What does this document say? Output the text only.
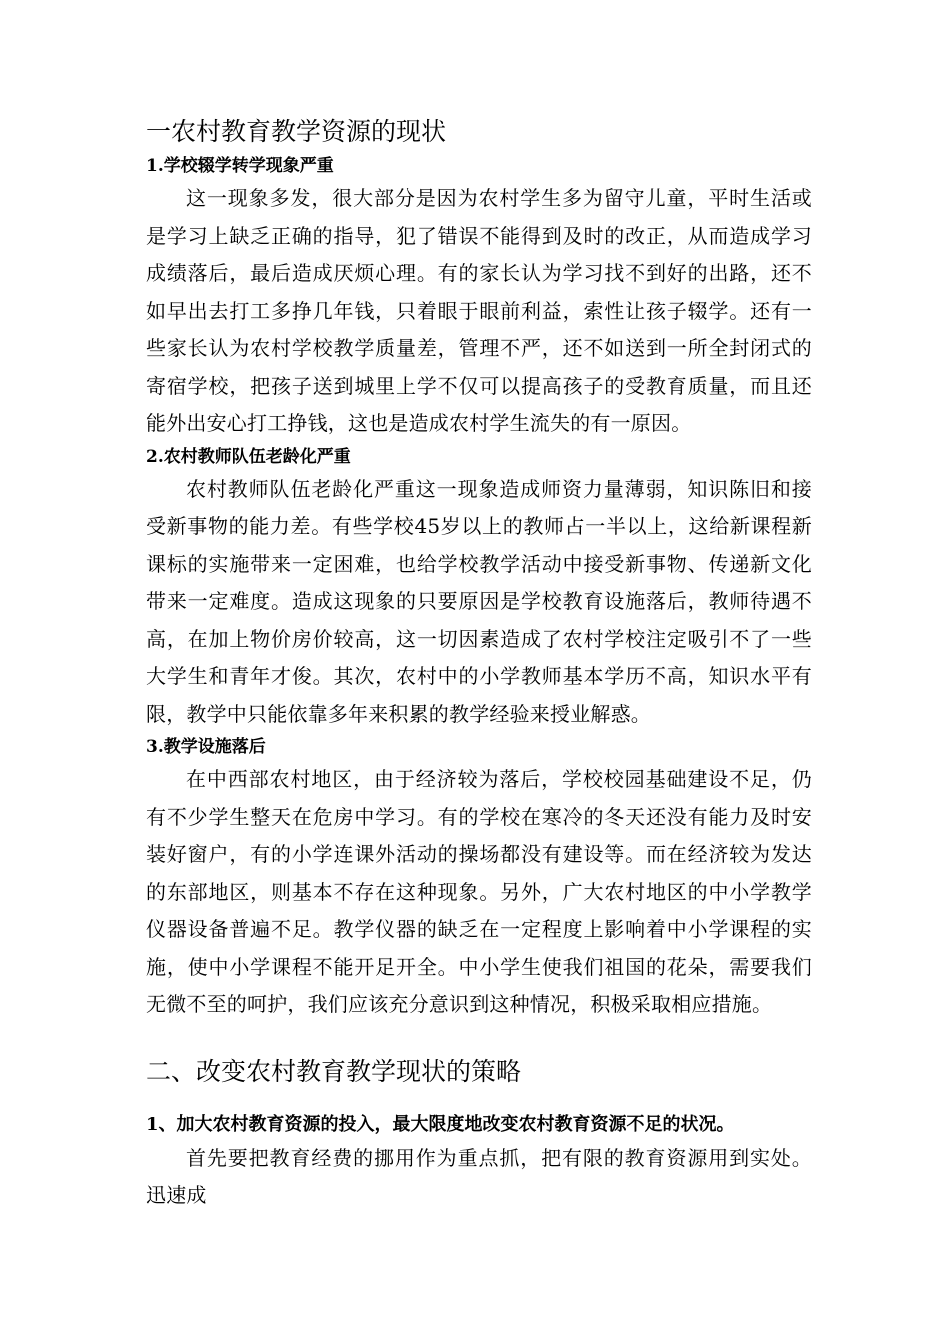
一农村教育教学资源的现状
1.学校辍学转学现象严重

这一现象多发，很大部分是因为农村学生多为留守儿童，平时生活或是学习上缺乏正确的指导，犯了错误不能得到及时的改正，从而造成学习成绩落后，最后造成厌烦心理。有的家长认为学习找不到好的出路，还不如早出去打工多挣几年钱，只着眼于眼前利益，索性让孩子辍学。还有一些家长认为农村学校教学质量差，管理不严，还不如送到一所全封闭式的寄宿学校，把孩子送到城里上学不仅可以提高孩子的受教育质量，而且还能外出安心打工挣钱，这也是造成农村学生流失的有一原因。

2.农村教师队伍老龄化严重

农村教师队伍老龄化严重这一现象造成师资力量薄弱，知识陈旧和接受新事物的能力差。有些学校45岁以上的教师占一半以上，这给新课程新课标的实施带来一定困难，也给学校教学活动中接受新事物、传递新文化带来一定难度。造成这现象的只要原因是学校教育设施落后，教师待遇不高，在加上物价房价较高，这一切因素造成了农村学校注定吸引不了一些大学生和青年才俊。其次，农村中的小学教师基本学历不高，知识水平有限，教学中只能依靠多年来积累的教学经验来授业解惑。

3.教学设施落后

在中西部农村地区，由于经济较为落后，学校校园基础建设不足，仍有不少学生整天在危房中学习。有的学校在寒冷的冬天还没有能力及时安装好窗户，有的小学连课外活动的操场都没有建设等。而在经济较为发达的东部地区，则基本不存在这种现象。另外，广大农村地区的中小学教学仪器设备普遍不足。教学仪器的缺乏在一定程度上影响着中小学课程的实施，使中小学课程不能开足开全。中小学生使我们祖国的花朵，需要我们无微不至的呵护，我们应该充分意识到这种情况，积极采取相应措施。

二、改变农村教育教学现状的策略
1、加大农村教育资源的投入，最大限度地改变农村教育资源不足的状况。

首先要把教育经费的挪用作为重点抓，把有限的教育资源用到实处。迅速成
